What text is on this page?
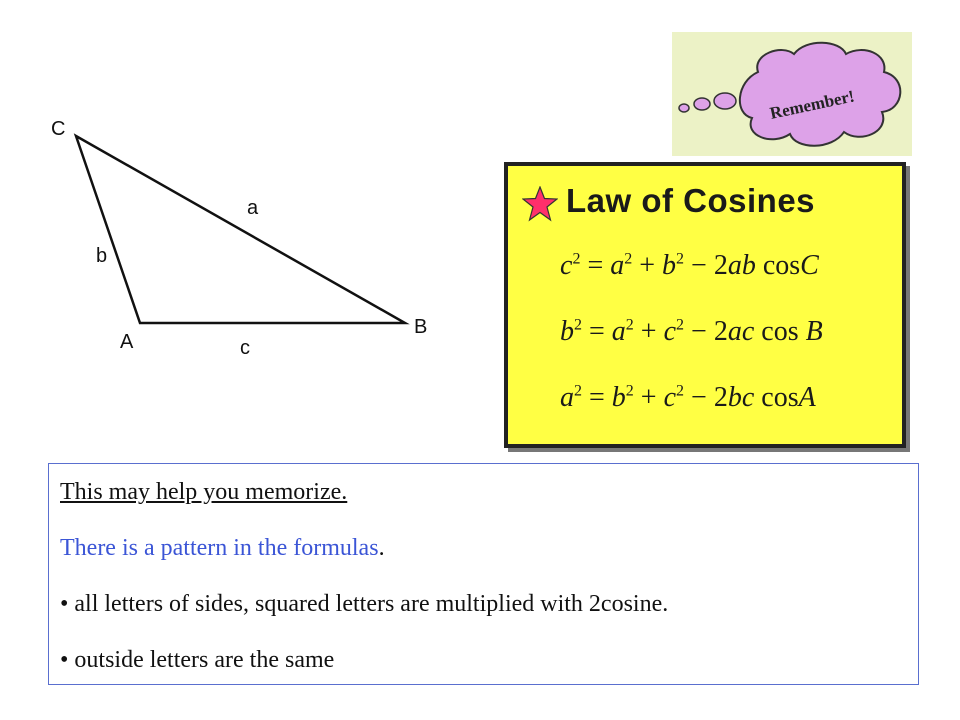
C
A
B
a
b
c
Remember!
Law of Cosines
$c^2 = a^2 + b^2 - 2ab$ cosC
$b^2 = a^2 + c^2 - 2ac$ cos B
$a^2 = b^2 + c^2 - 2bc$ cosA
This may help you memorize.
There is a pattern in the formulas.
• all letters of sides, squared letters are multiplied with 2cosine.
• outside letters are the same
